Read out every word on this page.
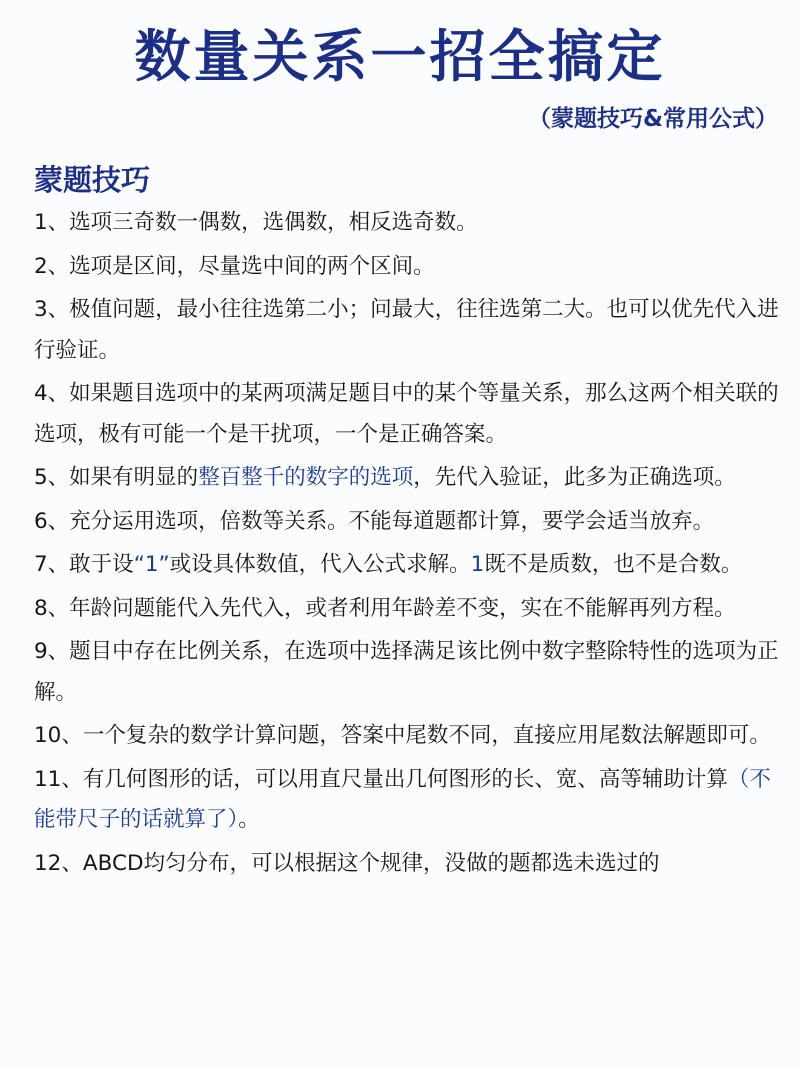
数量关系一招全搞定
（蒙题技巧&常用公式）
蒙题技巧
1、选项三奇数一偶数，选偶数，相反选奇数。
2、选项是区间，尽量选中间的两个区间。
3、极值问题，最小往往选第二小；问最大，往往选第二大。也可以优先代入进行验证。
4、如果题目选项中的某两项满足题目中的某个等量关系，那么这两个相关联的选项，极有可能一个是干扰项，一个是正确答案。
5、如果有明显的整百整千的数字的选项，先代入验证，此多为正确选项。
6、充分运用选项，倍数等关系。不能每道题都计算，要学会适当放弃。
7、敢于设“1”或设具体数值，代入公式求解。1既不是质数，也不是合数。
8、年龄问题能代入先代入，或者利用年龄差不变，实在不能解再列方程。
9、题目中存在比例关系，在选项中选择满足该比例中数字整除特性的选项为正解。
10、一个复杂的数学计算问题，答案中尾数不同，直接应用尾数法解题即可。
11、有几何图形的话，可以用直尺量出几何图形的长、宽、高等辅助计算（不能带尺子的话就算了）。
12、ABCD均匀分布，可以根据这个规律，没做的题都选未选过的
